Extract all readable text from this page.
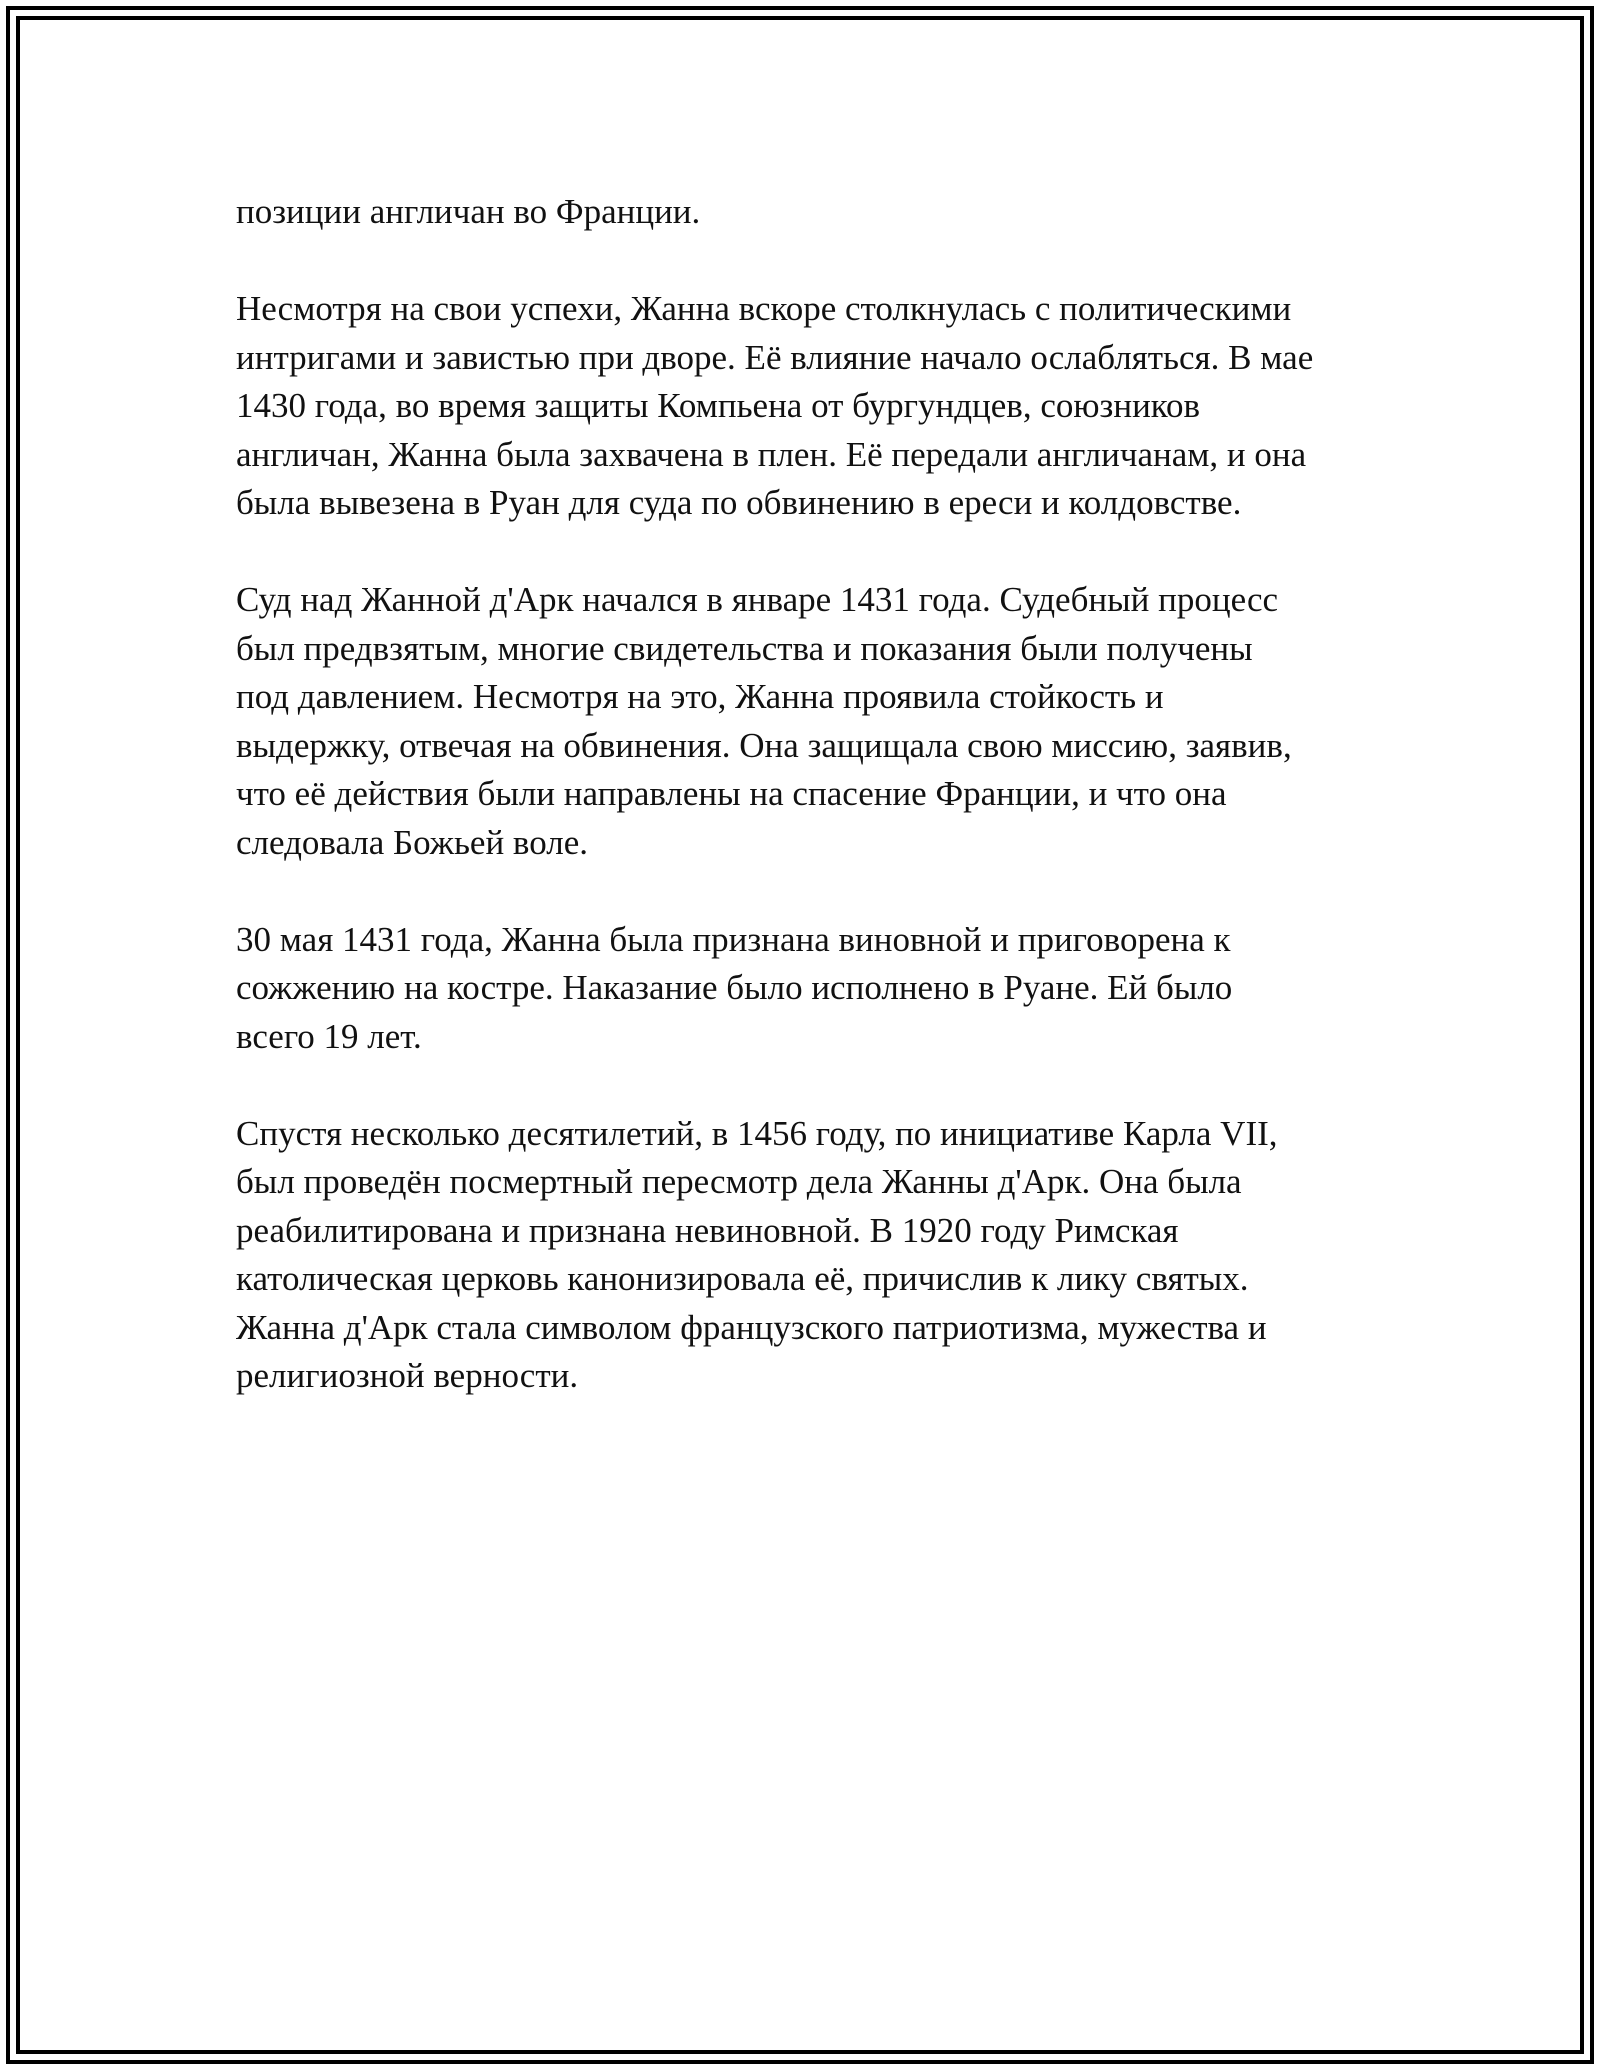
позиции англичан во Франции.

Несмотря на свои успехи, Жанна вскоре столкнулась с политическими
интригами и завистью при дворе. Её влияние начало ослабляться. В мае
1430 года, во время защиты Компьена от бургундцев, союзников
англичан, Жанна была захвачена в плен. Её передали англичанам, и она
была вывезена в Руан для суда по обвинению в ереси и колдовстве.

Суд над Жанной д'Арк начался в январе 1431 года. Судебный процесс
был предвзятым, многие свидетельства и показания были получены
под давлением. Несмотря на это, Жанна проявила стойкость и
выдержку, отвечая на обвинения. Она защищала свою миссию, заявив,
что её действия были направлены на спасение Франции, и что она
следовала Божьей воле.

30 мая 1431 года, Жанна была признана виновной и приговорена к
сожжению на костре. Наказание было исполнено в Руане. Ей было
всего 19 лет.

Спустя несколько десятилетий, в 1456 году, по инициативе Карла VII,
был проведён посмертный пересмотр дела Жанны д'Арк. Она была
реабилитирована и признана невиновной. В 1920 году Римская
католическая церковь канонизировала её, причислив к лику святых.
Жанна д'Арк стала символом французского патриотизма, мужества и
религиозной верности.
